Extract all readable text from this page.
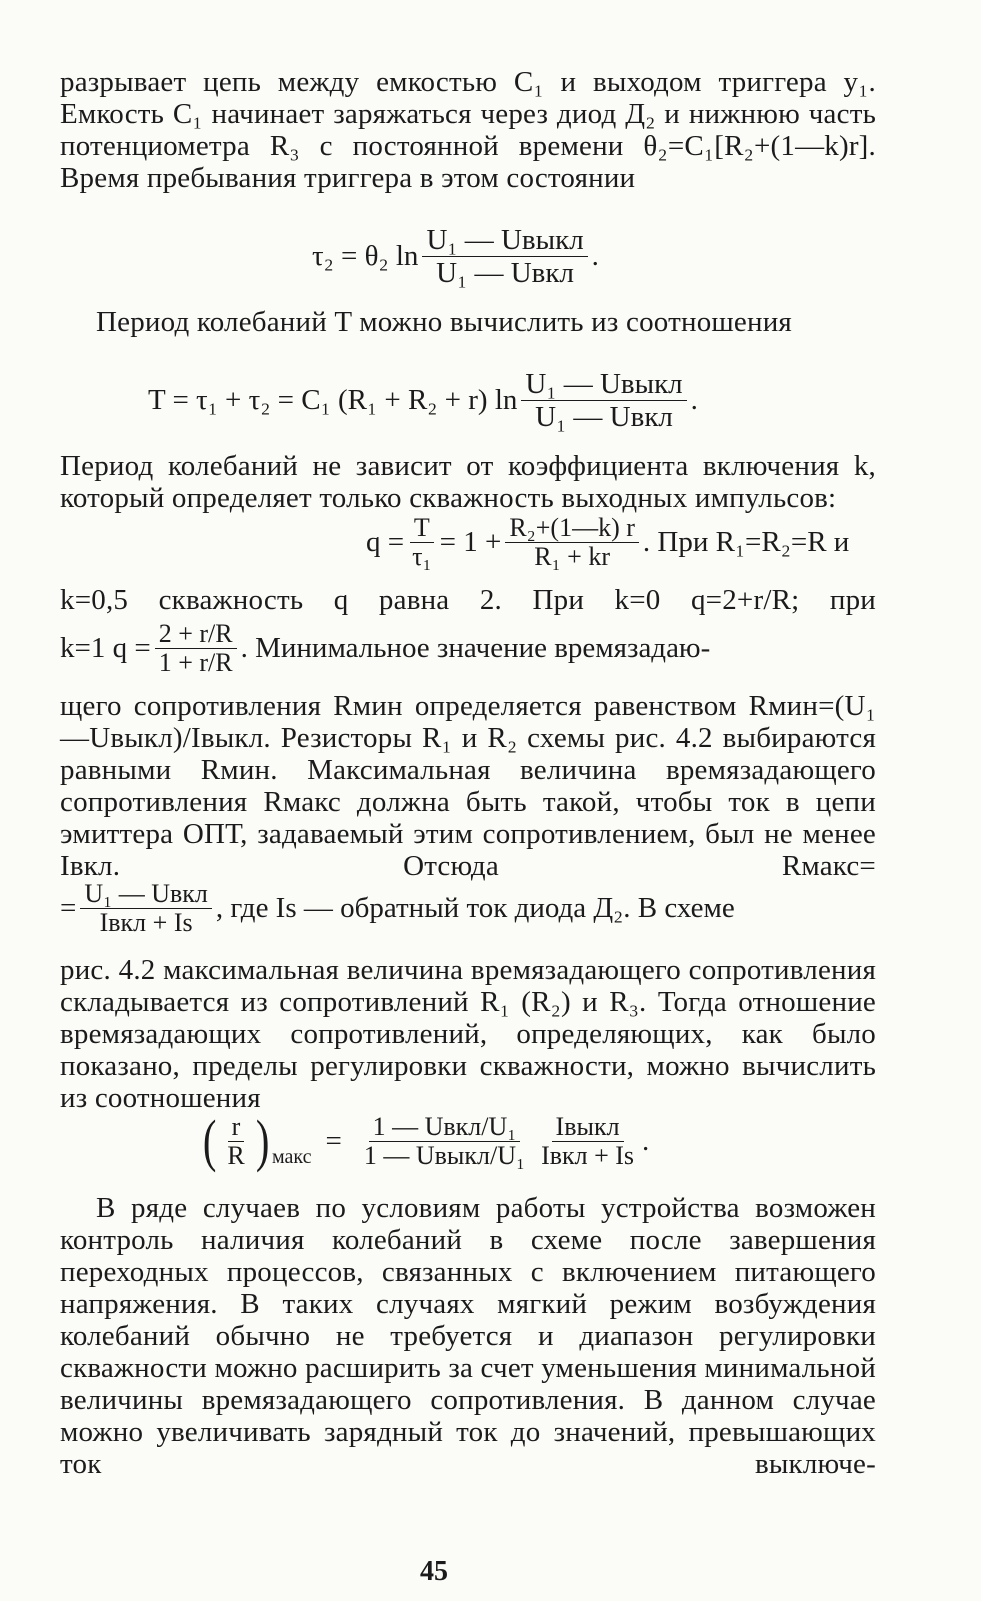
разрывает цепь между емкостью C₁ и выходом триггера y₁. Емкость C₁ начинает заряжаться через диод Д₂ и нижнюю часть потенциометра R₃ с постоянной времени θ₂=C₁[R₂+(1—k)r]. Время пребывания триггера в этом состоянии

τ₂ = θ₂ $\ln \frac{\text{U₁ — Uвыкл}}{\text{U₁ — Uвкл}}$ .

Период колебаний T можно вычислить из соотношения

T = τ₁ + τ₂ = C₁ (R₁ + R₂ + r) $\ln \frac{\text{U₁ — Uвыкл}}{\text{U₁ — Uвкл}}$ .

Период колебаний не зависит от коэффициента включения k, который определяет только скважность выходных импульсов:

$q = \frac{T}{\text{τ₁}} = 1 + \frac{\text{R₂+(1—k) r}}{\text{R₁ + kr}}$ . При R₁=R₂=R и

k=0,5 скважность q равна 2. При k=0 q=2+r/R; при

k=1 $q = \frac{2 + r/R}{1 + r/R}$ . Минимальное значение времязадаю-

щего сопротивления Rмин определяется равенством Rмин=(U₁—Uвыкл)/Iвыкл. Резисторы R₁ и R₂ схемы рис. 4.2 выбираются равными Rмин. Максимальная величина времязадающего сопротивления Rмакс должна быть такой, чтобы ток в цепи эмиттера ОПТ, задаваемый этим сопротивлением, был не менее Iвкл. Отсюда Rмакс=

= $\frac{\text{U₁ — Uвкл}}{\text{Iвкл + Is}}$ , где Is — обратный ток диода Д₂. В схеме

рис. 4.2 максимальная величина времязадающего сопротивления складывается из сопротивлений R₁ (R₂) и R₃. Тогда отношение времязадающих сопротивлений, определяющих, как было показано, пределы регулировки скважности, можно вычислить из соотношения

( $\frac{r}{R}$ ) макс = $\frac{\text{1 — Uвкл/U₁}}{\text{1 — Uвыкл/U₁}} \frac{\text{Iвыкл}}{\text{Iвкл + Is}}$ .

В ряде случаев по условиям работы устройства возможен контроль наличия колебаний в схеме после завершения переходных процессов, связанных с включением питающего напряжения. В таких случаях мягкий режим возбуждения колебаний обычно не требуется и диапазон регулировки скважности можно расширить за счет уменьшения минимальной величины времязадающего сопротивления. В данном случае можно увеличивать зарядный ток до значений, превышающих ток выключе-

45
